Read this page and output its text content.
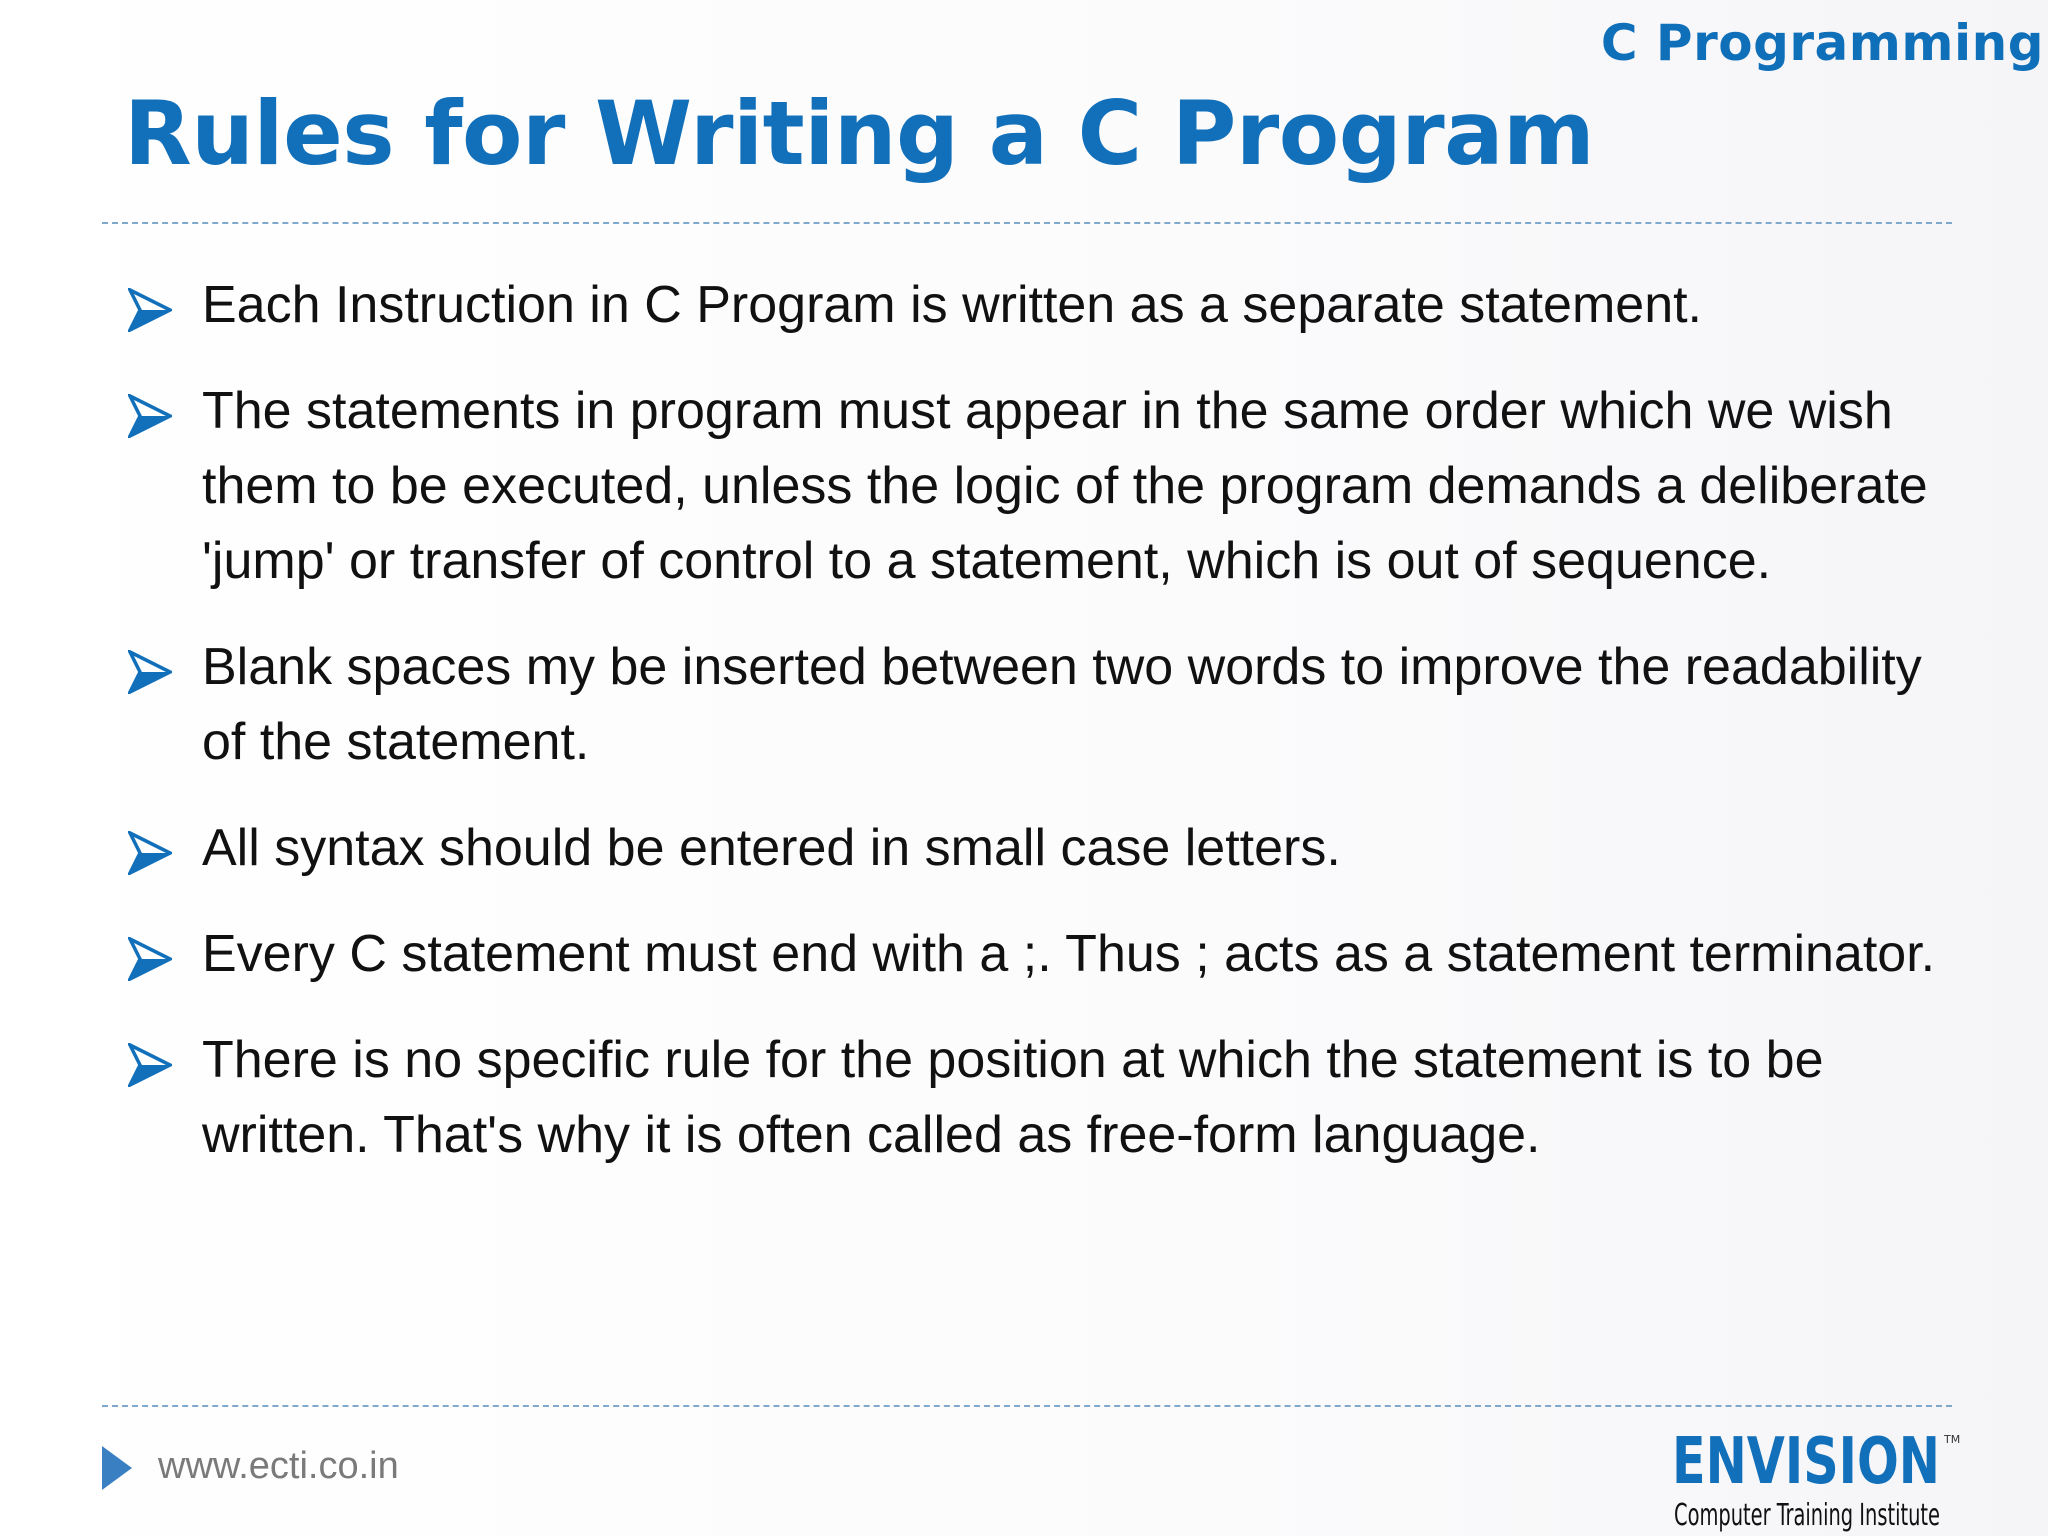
C Programming
Rules for Writing a C Program
Each Instruction in C Program is written as a separate statement.
The statements in program must appear in the same order which we wish them to be executed, unless the logic of the program demands a deliberate 'jump' or transfer of control to a statement, which is out of sequence.
Blank spaces my be inserted between two words to improve the readability of the statement.
All syntax should be entered in small case letters.
Every C statement must end with a ;. Thus ; acts as a statement terminator.
There is no specific rule for the position at which the statement is to be written. That's why it is often called as free-form language.
www.ecti.co.in	ENVISION TM
Computer Training Institute
